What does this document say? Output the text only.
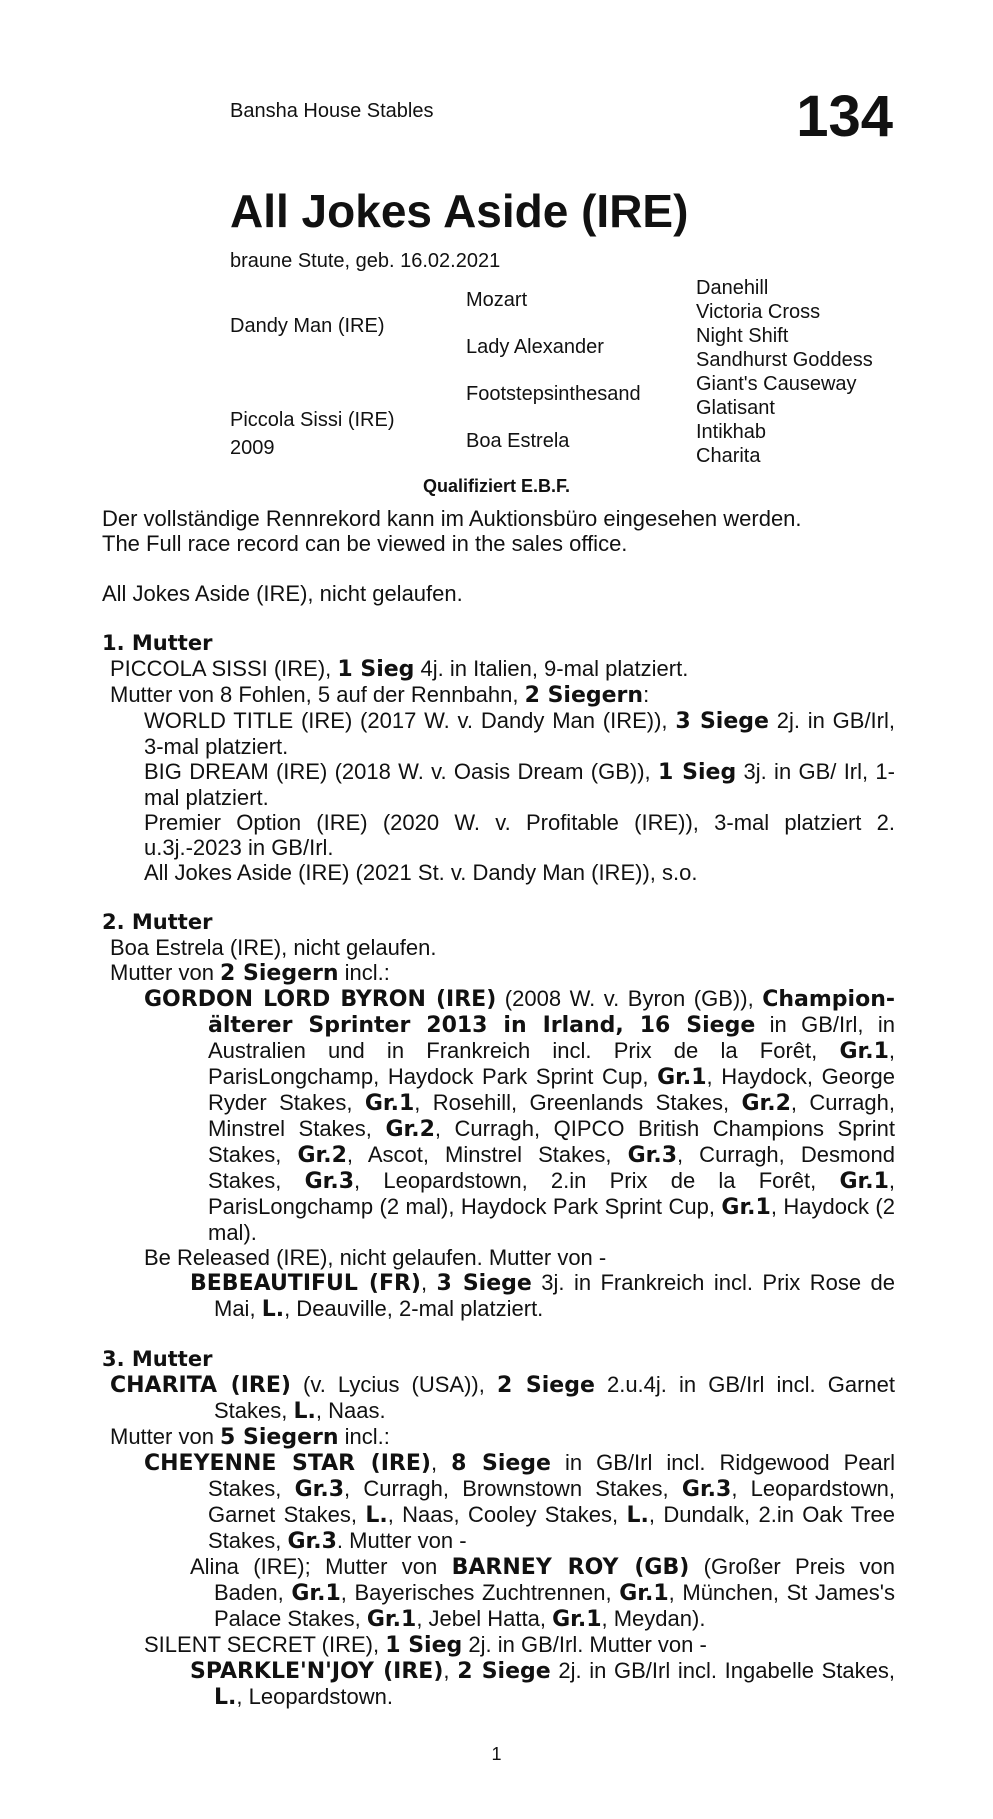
Bansha House Stables	134
All Jokes Aside (IRE)
braune Stute, geb. 16.02.2021
Dandy Man (IRE)
Piccola Sissi (IRE)
2009
Mozart
Lady Alexander
Footstepsinthesand
Boa Estrela
Danehill
Victoria Cross
Night Shift
Sandhurst Goddess
Giant's Causeway
Glatisant
Intikhab
Charita
Qualifiziert E.B.F.

Der vollständige Rennrekord kann im Auktionsbüro eingesehen werden.

The Full race record can be viewed in the sales office.

All Jokes Aside (IRE), nicht gelaufen.

1. Mutter

PICCOLA SISSI (IRE), 1 Sieg 4j. in Italien, 9-mal platziert.

Mutter von 8 Fohlen, 5 auf der Rennbahn, 2 Siegern:

WORLD TITLE (IRE) (2017 W. v. Dandy Man (IRE)), 3 Siege 2j. in GB/Irl, 3-mal platziert.

BIG DREAM (IRE) (2018 W. v. Oasis Dream (GB)), 1 Sieg 3j. in GB/ Irl, 1-mal platziert.

Premier Option (IRE) (2020 W. v. Profitable (IRE)), 3-mal platziert 2. u.3j.-2023 in GB/Irl.

All Jokes Aside (IRE) (2021 St. v. Dandy Man (IRE)), s.o.

2. Mutter

Boa Estrela (IRE), nicht gelaufen.

Mutter von 2 Siegern incl.:

GORDON LORD BYRON (IRE) (2008 W. v. Byron (GB)), Champion-älterer Sprinter 2013 in Irland, 16 Siege in GB/Irl, in Australien und in Frankreich incl. Prix de la Forêt, Gr.1, ParisLongchamp, Haydock Park Sprint Cup, Gr.1, Haydock, George Ryder Stakes, Gr.1, Rosehill, Greenlands Stakes, Gr.2, Curragh, Minstrel Stakes, Gr.2, Curragh, QIPCO British Champions Sprint Stakes, Gr.2, Ascot, Minstrel Stakes, Gr.3, Curragh, Desmond Stakes, Gr.3, Leopardstown, 2.in Prix de la Forêt, Gr.1, ParisLongchamp (2 mal), Haydock Park Sprint Cup, Gr.1, Haydock (2 mal).

Be Released (IRE), nicht gelaufen. Mutter von -

BEBEAUTIFUL (FR), 3 Siege 3j. in Frankreich incl. Prix Rose de Mai, L., Deauville, 2-mal platziert.

3. Mutter

CHARITA (IRE) (v. Lycius (USA)), 2 Siege 2.u.4j. in GB/Irl incl. Garnet Stakes, L., Naas.

Mutter von 5 Siegern incl.:

CHEYENNE STAR (IRE), 8 Siege in GB/Irl incl. Ridgewood Pearl Stakes, Gr.3, Curragh, Brownstown Stakes, Gr.3, Leopardstown, Garnet Stakes, L., Naas, Cooley Stakes, L., Dundalk, 2.in Oak Tree Stakes, Gr.3. Mutter von -

Alina (IRE); Mutter von BARNEY ROY (GB) (Großer Preis von Baden, Gr.1, Bayerisches Zuchtrennen, Gr.1, München, St James's Palace Stakes, Gr.1, Jebel Hatta, Gr.1, Meydan).

SILENT SECRET (IRE), 1 Sieg 2j. in GB/Irl. Mutter von -

SPARKLE'N'JOY (IRE), 2 Siege 2j. in GB/Irl incl. Ingabelle Stakes, L., Leopardstown.

1
